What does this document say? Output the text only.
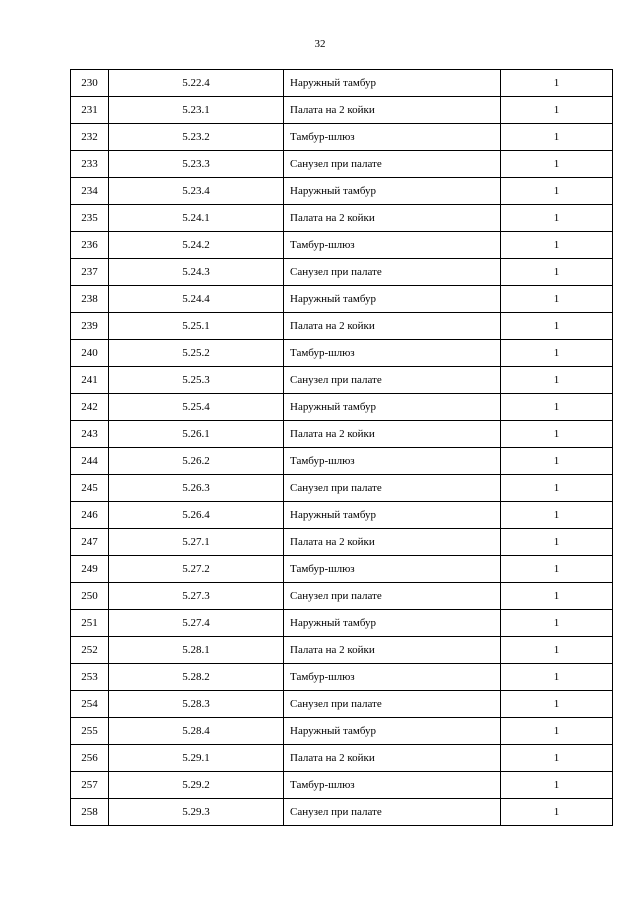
32
230	5.22.4	Наружный тамбур	1
231	5.23.1	Палата на 2 койки	1
232	5.23.2	Тамбур-шлюз	1
233	5.23.3	Санузел при палате	1
234	5.23.4	Наружный тамбур	1
235	5.24.1	Палата на 2 койки	1
236	5.24.2	Тамбур-шлюз	1
237	5.24.3	Санузел при палате	1
238	5.24.4	Наружный тамбур	1
239	5.25.1	Палата на 2 койки	1
240	5.25.2	Тамбур-шлюз	1
241	5.25.3	Санузел при палате	1
242	5.25.4	Наружный тамбур	1
243	5.26.1	Палата на 2 койки	1
244	5.26.2	Тамбур-шлюз	1
245	5.26.3	Санузел при палате	1
246	5.26.4	Наружный тамбур	1
247	5.27.1	Палата на 2 койки	1
249	5.27.2	Тамбур-шлюз	1
250	5.27.3	Санузел при палате	1
251	5.27.4	Наружный тамбур	1
252	5.28.1	Палата на 2 койки	1
253	5.28.2	Тамбур-шлюз	1
254	5.28.3	Санузел при палате	1
255	5.28.4	Наружный тамбур	1
256	5.29.1	Палата на 2 койки	1
257	5.29.2	Тамбур-шлюз	1
258	5.29.3	Санузел при палате	1
